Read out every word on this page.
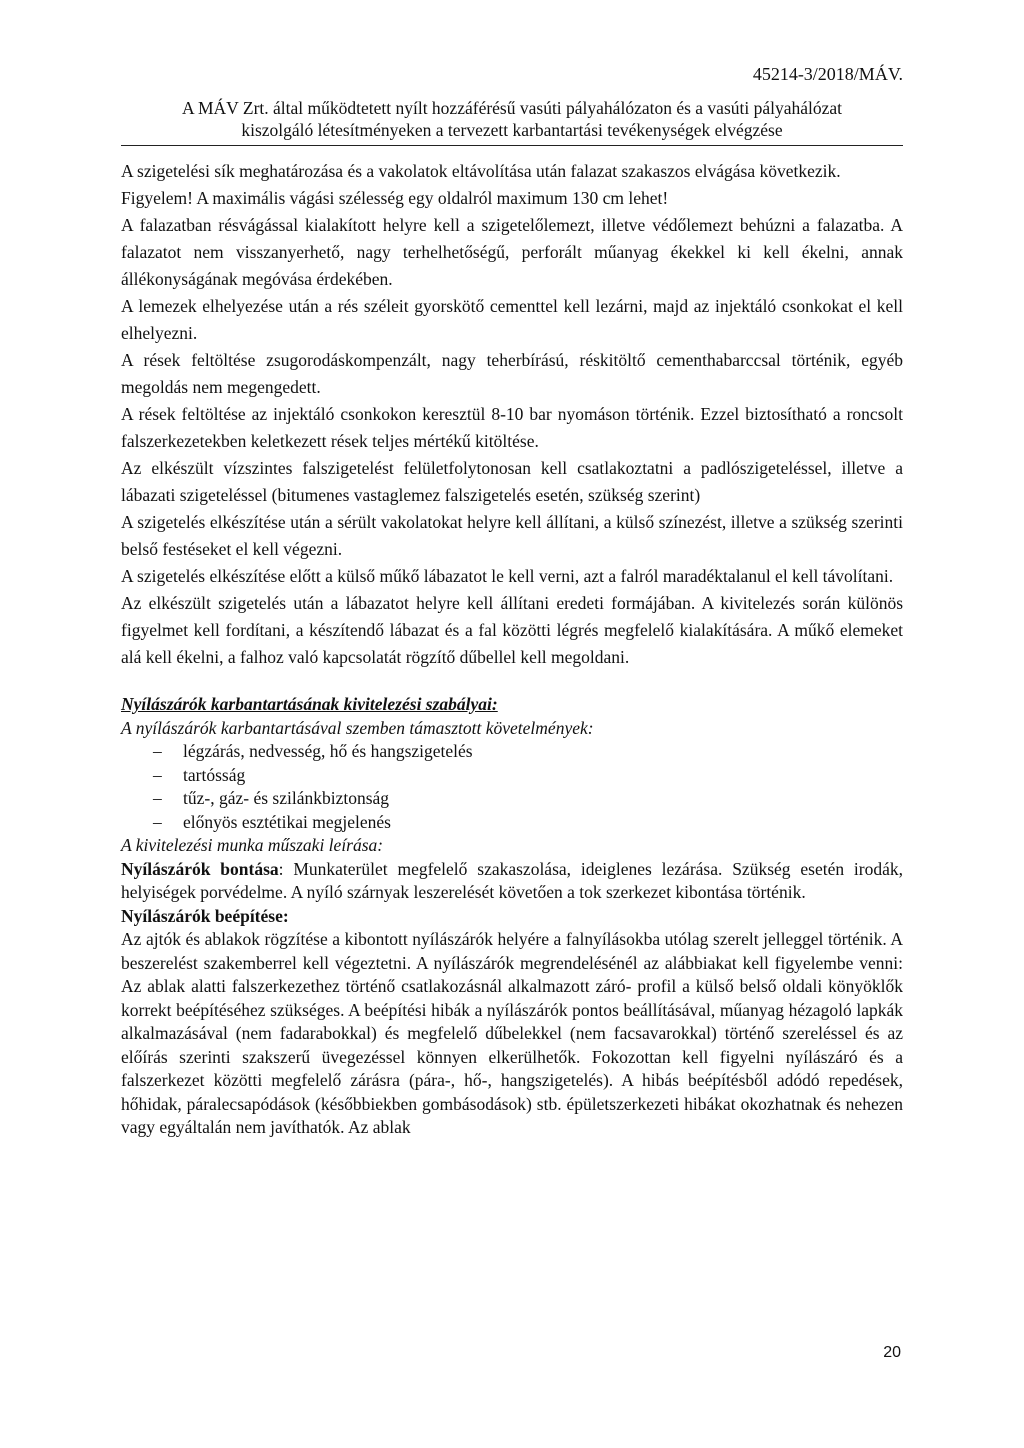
45214-3/2018/MÁV.
A MÁV Zrt. által működtetett nyílt hozzáférésű vasúti pályahálózaton és a vasúti pályahálózat
kiszolgáló létesítményeken a tervezett karbantartási tevékenységek elvégzése

A szigetelési sík meghatározása és a vakolatok eltávolítása után falazat szakaszos elvágása következik.

Figyelem! A maximális vágási szélesség egy oldalról maximum 130 cm lehet!

A falazatban résvágással kialakított helyre kell a szigetelőlemezt, illetve védőlemezt behúzni a falazatba. A falazatot nem visszanyerhető, nagy terhelhetőségű, perforált műanyag ékekkel ki kell ékelni, annak állékonyságának megóvása érdekében.

A lemezek elhelyezése után a rés széleit gyorskötő cementtel kell lezárni, majd az injektáló csonkokat el kell elhelyezni.

A rések feltöltése zsugorodáskompenzált, nagy teherbírású, réskitöltő cementhabarccsal történik, egyéb megoldás nem megengedett.

A rések feltöltése az injektáló csonkokon keresztül 8-10 bar nyomáson történik. Ezzel biztosítható a roncsolt falszerkezetekben keletkezett rések teljes mértékű kitöltése.

Az elkészült vízszintes falszigetelést felületfolytonosan kell csatlakoztatni a padlószigeteléssel, illetve a lábazati szigeteléssel (bitumenes vastaglemez falszigetelés esetén, szükség szerint)

A szigetelés elkészítése után a sérült vakolatokat helyre kell állítani, a külső színezést, illetve a szükség szerinti belső festéseket el kell végezni.

A szigetelés elkészítése előtt a külső műkő lábazatot le kell verni, azt a falról maradéktalanul el kell távolítani.

Az elkészült szigetelés után a lábazatot helyre kell állítani eredeti formájában. A kivitelezés során különös figyelmet kell fordítani, a készítendő lábazat és a fal közötti légrés megfelelő kialakítására. A műkő elemeket alá kell ékelni, a falhoz való kapcsolatát rögzítő dűbellel kell megoldani.

Nyílászárók karbantartásának kivitelezési szabályai:

A nyílászárók karbantartásával szemben támasztott követelmények:

– légzárás, nedvesség, hő és hangszigetelés
– tartósság
– tűz-, gáz- és szilánkbiztonság
– előnyös esztétikai megjelenés

A kivitelezési munka műszaki leírása:

Nyílászárók bontása: Munkaterület megfelelő szakaszolása, ideiglenes lezárása. Szükség esetén irodák, helyiségek porvédelme. A nyíló szárnyak leszerelését követően a tok szerkezet kibontása történik.

Nyílászárók beépítése:

Az ajtók és ablakok rögzítése a kibontott nyílászárók helyére a falnyílásokba utólag szerelt jelleggel történik. A beszerelést szakemberrel kell végeztetni. A nyílászárók megrendelésénél az alábbiakat kell figyelembe venni: Az ablak alatti falszerkezethez történő csatlakozásnál alkalmazott záró- profil a külső belső oldali könyöklők korrekt beépítéséhez szükséges. A beépítési hibák a nyílászárók pontos beállításával, műanyag hézagoló lapkák alkalmazásával (nem fadarabokkal) és megfelelő dűbelekkel (nem facsavarokkal) történő szereléssel és az előírás szerinti szakszerű üvegezéssel könnyen elkerülhetők. Fokozottan kell figyelni nyílászáró és a falszerkezet közötti megfelelő zárásra (pára-, hő-, hangszigetelés). A hibás beépítésből adódó repedések, hőhidak, páralecsapódások (későbbiekben gombásodások) stb. épületszerkezeti hibákat okozhatnak és nehezen vagy egyáltalán nem javíthatók. Az ablak

20
